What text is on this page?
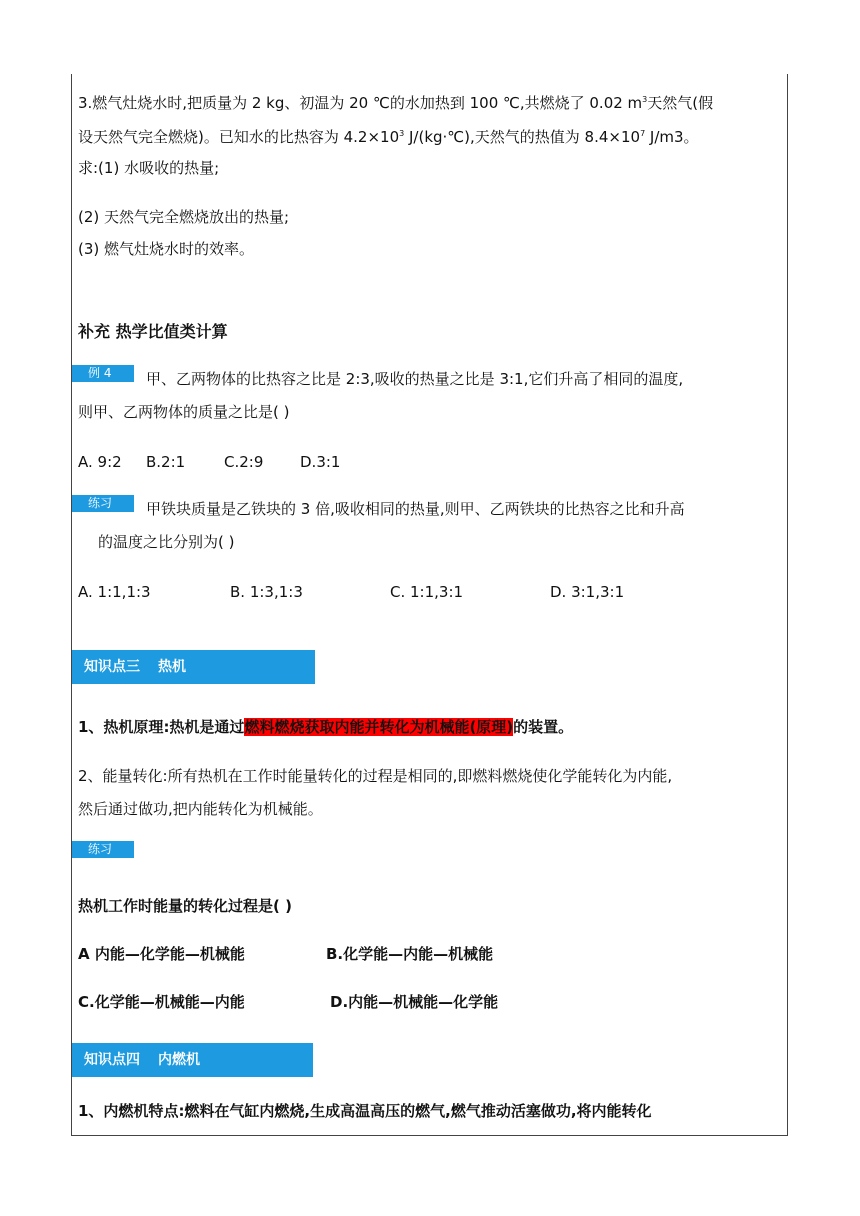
3.燃气灶烧水时,把质量为 2 kg、初温为 20 ℃的水加热到 100 ℃,共燃烧了 0.02 $m^3$天然气(假
设天然气完全燃烧)。已知水的比热容为 $4.2\times 10^3$ J/(kg·℃),天然气的热值为 $8.4\times 10^7$ J/m3。
求:(1) 水吸收的热量;
(2) 天然气完全燃烧放出的热量;
(3) 燃气灶烧水时的效率。
补充 热学比值类计算
例 4	甲、乙两物体的比热容之比是 2:3,吸收的热量之比是 3:1,它们升高了相同的温度,
则甲、乙两物体的质量之比是( )
A. 9:2 B.2:1	C.2:9 D.3:1
练习	甲铁块质量是乙铁块的 3 倍,吸收相同的热量,则甲、乙两铁块的比热容之比和升高
的温度之比分别为( )
A. 1:1,1:3	B. 1:3,1:3	C. 1:1,3:1	D. 3:1,3:1
知识点三 热机
1、热机原理:热机是通过燃料燃烧获取内能并转化为机械能(原理)的装置。
2、能量转化:所有热机在工作时能量转化的过程是相同的,即燃料燃烧使化学能转化为内能,
然后通过做功,把内能转化为机械能。
练习
热机工作时能量的转化过程是( )
A 内能—化学能—机械能	B.化学能—内能—机械能
C.化学能—机械能—内能	D.内能—机械能—化学能
知识点四 内燃机
1、内燃机特点:燃料在气缸内燃烧,生成高温高压的燃气,燃气推动活塞做功,将内能转化
